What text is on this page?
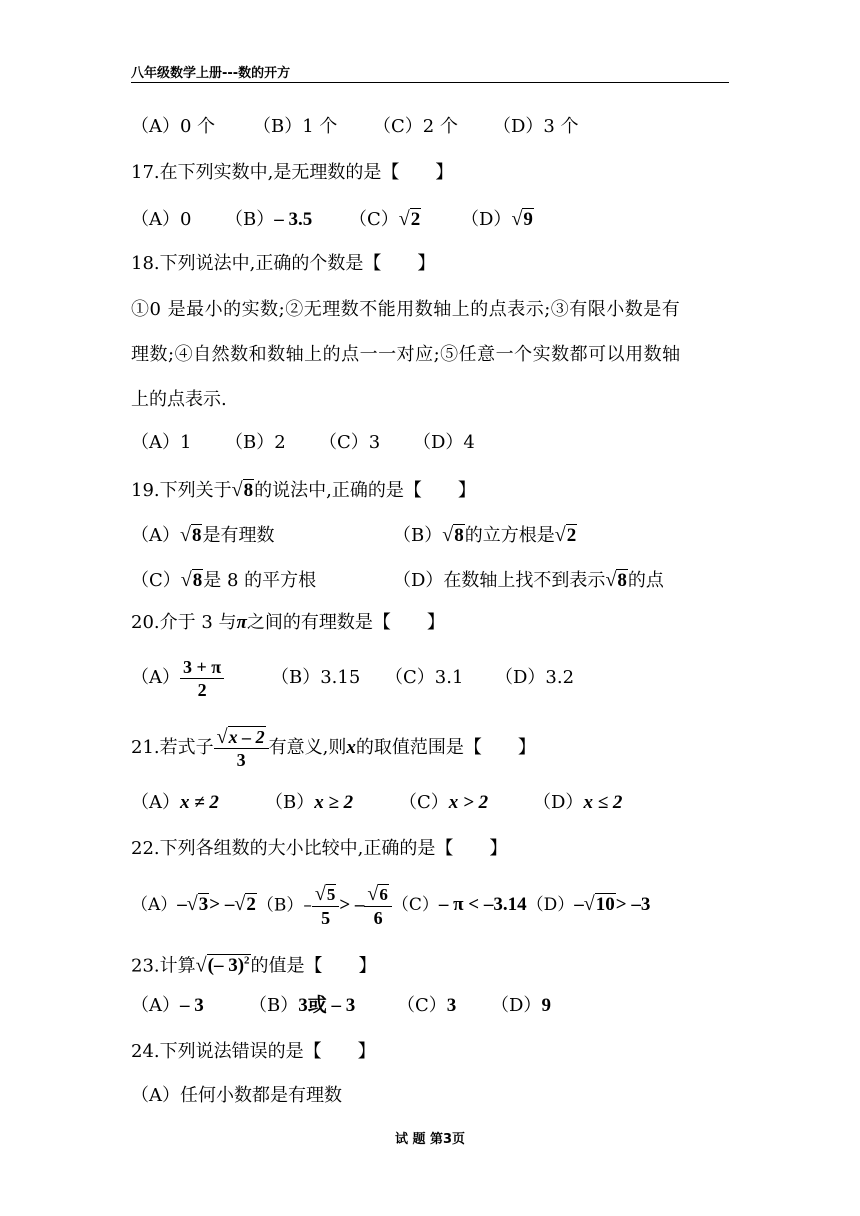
八年级数学上册---数的开方
（A）0 个 （B）1 个 （C）2 个 （D）3 个
17.在下列实数中,是无理数的是【　　】
（A）0 （B）– 3.5 （C）√2 （D）√9
18.下列说法中,正确的个数是【　　】
①0 是最小的实数;②无理数不能用数轴上的点表示;③有限小数是有
理数;④自然数和数轴上的点一一对应;⑤任意一个实数都可以用数轴
上的点表示.
（A）1 （B）2 （C）3 （D）4
19.下列关于√8的说法中,正确的是【　　】
（A）√8是有理数	（B）√8的立方根是√2
（C）√8是 8 的平方根	（D）在数轴上找不到表示√8的点
20.介于 3 与π之间的有理数是【　　】
$(A) \frac{3 + \pi}{2}$	（B）3.15 （C）3.1 （D）3.2
21.若式子 $\frac{√x - 2}{3}$ 有意义,则x的取值范围是【　　】
（A）x ≠ 2	（B）x ≥ 2	（C）x > 2 （D）x ≤ 2
22.下列各组数的大小比较中,正确的是【　　】
$(A)-√3> -√2(B)- \frac{√5}{5}$ > – $\frac{√6}{6} (C)-$ π < –3.14（D）–√10> –3
23.计算√(– 3)$^2$的值是【　　】
（A）– 3	（B）3或 – 3 （C）3 （D）9
24.下列说法错误的是【　　】
（A）任何小数都是有理数
试 题 第3页
